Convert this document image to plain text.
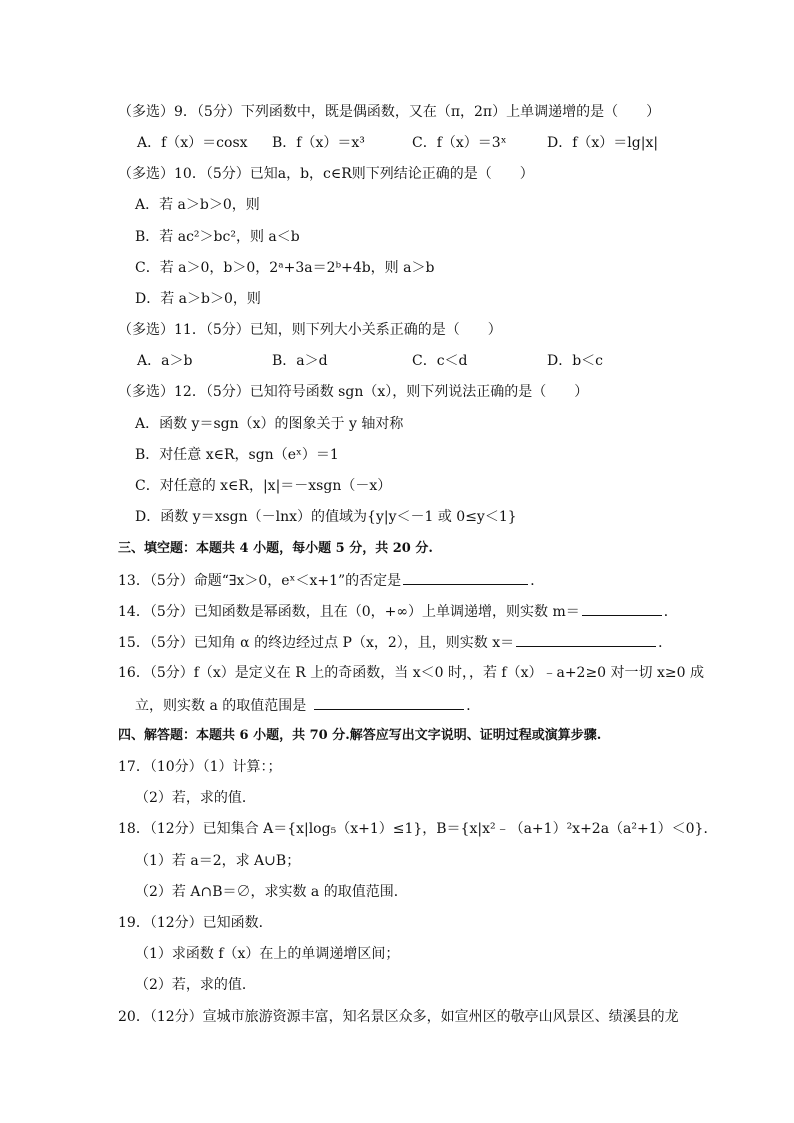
（多选）9．（5分）下列函数中，既是偶函数，又在（π，2π）上单调递增的是（　　）
A．f（x）＝cosx B．f（x）＝x³	C．f（x）＝3ˣ	D．f（x）＝lg|x|
（多选）10．（5分）已知a，b，c∈R则下列结论正确的是（　　）
A．若 a＞b＞0，则
B．若 ac²＞bc²，则 a＜b
C．若 a＞0，b＞0，2ᵃ+3a＝2ᵇ+4b，则 a＞b
D．若 a＞b＞0，则
（多选）11．（5分）已知，则下列大小关系正确的是（　　）
A．a＞b	B．a＞d	C．c＜d	D．b＜c
（多选）12．（5分）已知符号函数 sgn（x），则下列说法正确的是（　　）
A．函数 y＝sgn（x）的图象关于 y 轴对称
B．对任意 x∈R，sgn（eˣ）＝1
C．对任意的 x∈R，|x|＝－xsgn（－x）
D．函数 y＝xsgn（－lnx）的值域为{y|y＜－1 或 0≤y＜1}
三、填空题：本题共 4 小题，每小题 5 分，共 20 分.
13．（5分）命题“∃x＞0，eˣ＜x+1”的否定是	．
14．（5分）已知函数是幂函数，且在（0，+∞）上单调递增，则实数 m＝	．
15．（5分）已知角 α 的终边经过点 P（x，2），且，则实数 x＝	．
16．（5分）f（x）是定义在 R 上的奇函数，当 x＜0 时，，若 f（x）﹣a+2≥0 对一切 x≥0 成
立，则实数 a 的取值范围是	．
四、解答题：本题共 6 小题，共 70 分.解答应写出文字说明、证明过程或演算步骤.
17．（10分）（1）计算：；
（2）若，求的值．
18．（12分）已知集合 A＝{x|log₅（x+1）≤1}，B＝{x|x²﹣（a+1）²x+2a（a²+1）＜0}．
（1）若 a＝2，求 A∪B；
（2）若 A∩B＝∅，求实数 a 的取值范围．
19．（12分）已知函数．
（1）求函数 f（x）在上的单调递增区间；
（2）若，求的值．
20．（12分）宣城市旅游资源丰富，知名景区众多，如宣州区的敬亭山风景区、绩溪县的龙
